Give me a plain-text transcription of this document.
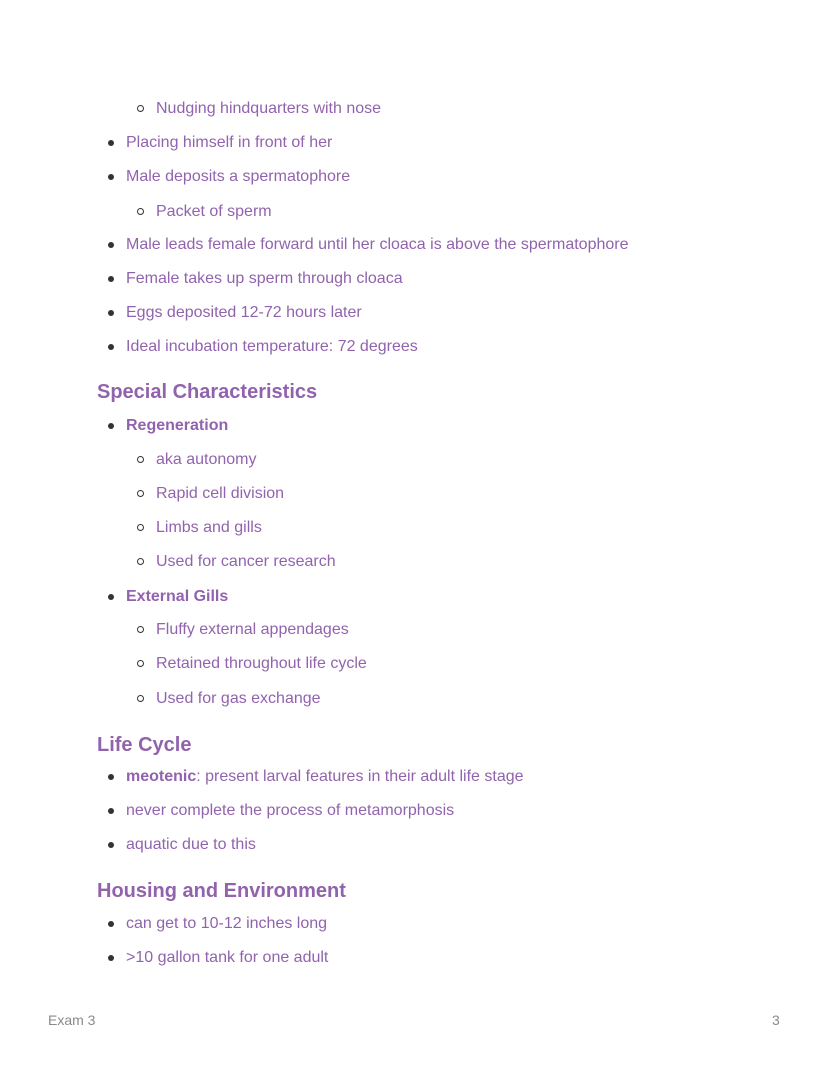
Nudging hindquarters with nose
Placing himself in front of her
Male deposits a spermatophore
Packet of sperm
Male leads female forward until her cloaca is above the spermatophore
Female takes up sperm through cloaca
Eggs deposited 12-72 hours later
Ideal incubation temperature: 72 degrees
Special Characteristics
Regeneration
aka autonomy
Rapid cell division
Limbs and gills
Used for cancer research
External Gills
Fluffy external appendages
Retained throughout life cycle
Used for gas exchange
Life Cycle
meotenic: present larval features in their adult life stage
never complete the process of metamorphosis
aquatic due to this
Housing and Environment
can get to 10-12 inches long
>10 gallon tank for one adult
Exam 3	3
